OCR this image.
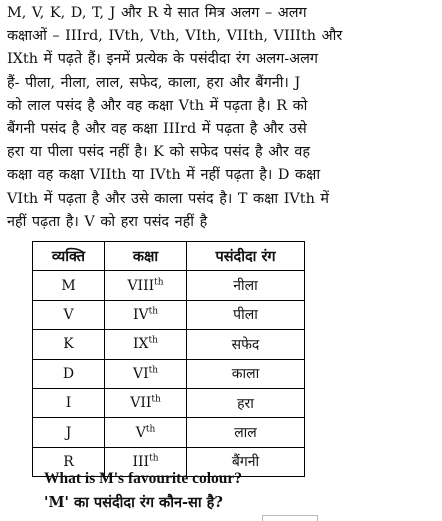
M, V, K, D, T, J और R ये सात मित्र अलग – अलग
कक्षाओं – IIIrd, IVth, Vth, VIth, VIIth, VIIIth और
IXth में पढ़ते हैं। इनमें प्रत्येक के पसंदीदा रंग अलग-अलग
हैं- पीला, नीला, लाल, सफेद, काला, हरा और बैंगनी। J
को लाल पसंद है और वह कक्षा Vth में पढ़ता है। R को
बैंगनी पसंद है और वह कक्षा IIIrd में पढ़ता है और उसे
हरा या पीला पसंद नहीं है। K को सफेद पसंद है और वह
कक्षा वह कक्षा VIIth या IVth में नहीं पढ़ता है। D कक्षा
VIth में पढ़ता है और उसे काला पसंद है। T कक्षा IVth में
नहीं पढ़ता है। V को हरा पसंद नहीं है

व्यक्ति	कक्षा	पसंदीदा रंग
M	VIIIth	नीला
V	IVth	पीला
K	IXth	सफेद
D	VIth	काला
I	VIIth	हरा
J	Vth	लाल
R	IIIth	बैंगनी
What is M's favourite colour?
'M' का पसंदीदा रंग कौन-सा है?
